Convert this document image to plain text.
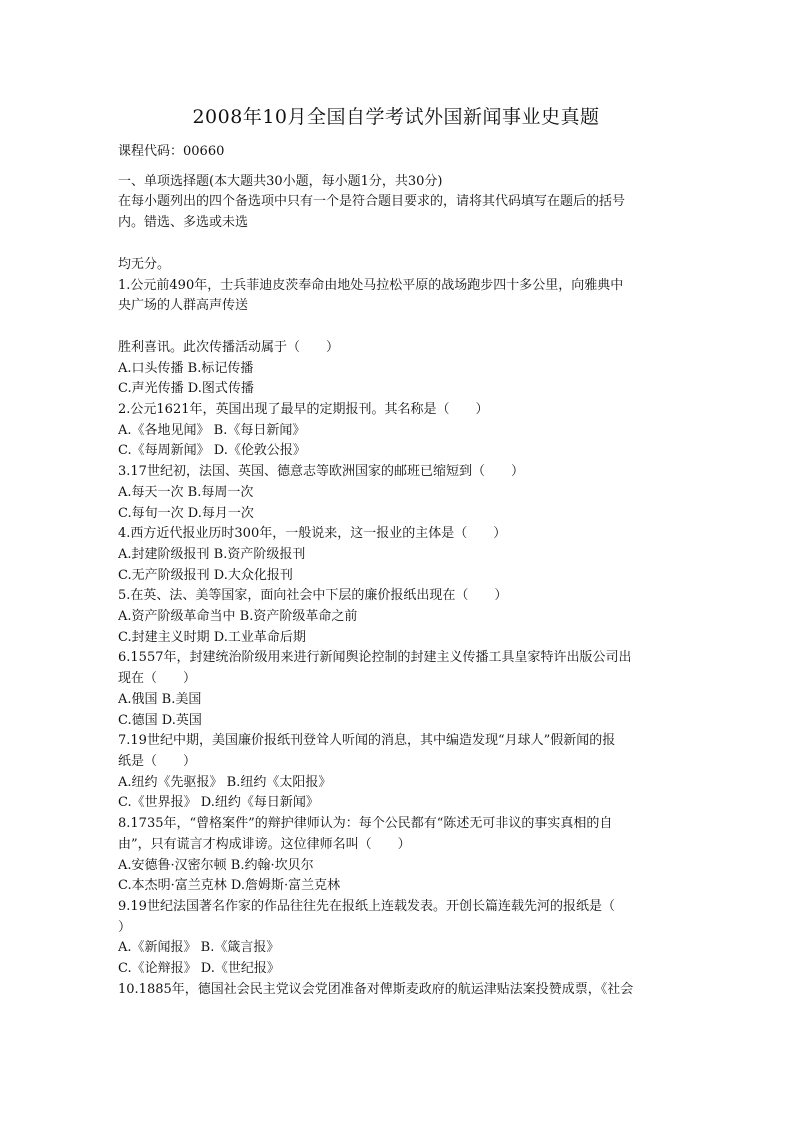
2008年10月全国自学考试外国新闻事业史真题
课程代码：00660
一、单项选择题(本大题共30小题，每小题1分，共30分)
在每小题列出的四个备选项中只有一个是符合题目要求的，请将其代码填写在题后的括号
内。错选、多选或未选
均无分。
1.公元前490年，士兵菲迪皮茨奉命由地处马拉松平原的战场跑步四十多公里，向雅典中
央广场的人群高声传送
胜利喜讯。此次传播活动属于（　　）
A.口头传播 B.标记传播
C.声光传播 D.图式传播
2.公元1621年，英国出现了最早的定期报刊。其名称是（　　）
A.《各地见闻》 B.《每日新闻》
C.《每周新闻》 D.《伦敦公报》
3.17世纪初，法国、英国、德意志等欧洲国家的邮班已缩短到（　　）
A.每天一次 B.每周一次
C.每旬一次 D.每月一次
4.西方近代报业历时300年，一般说来，这一报业的主体是（　　）
A.封建阶级报刊 B.资产阶级报刊
C.无产阶级报刊 D.大众化报刊
5.在英、法、美等国家，面向社会中下层的廉价报纸出现在（　　）
A.资产阶级革命当中 B.资产阶级革命之前
C.封建主义时期 D.工业革命后期
6.1557年，封建统治阶级用来进行新闻舆论控制的封建主义传播工具皇家特许出版公司出
现在（　　）
A.俄国 B.美国
C.德国 D.英国
7.19世纪中期，美国廉价报纸刊登耸人听闻的消息，其中编造发现“月球人”假新闻的报
纸是（　　）
A.纽约《先驱报》 B.纽约《太阳报》
C.《世界报》 D.纽约《每日新闻》
8.1735年，“曾格案件”的辩护律师认为：每个公民都有“陈述无可非议的事实真相的自
由”，只有谎言才构成诽谤。这位律师名叫（　　）
A.安德鲁·汉密尔顿 B.约翰·坎贝尔
C.本杰明·富兰克林 D.詹姆斯·富兰克林
9.19世纪法国著名作家的作品往往先在报纸上连载发表。开创长篇连载先河的报纸是（
）
A.《新闻报》 B.《箴言报》
C.《论辩报》 D.《世纪报》
10.1885年，德国社会民主党议会党团准备对俾斯麦政府的航运津贴法案投赞成票，《社会
